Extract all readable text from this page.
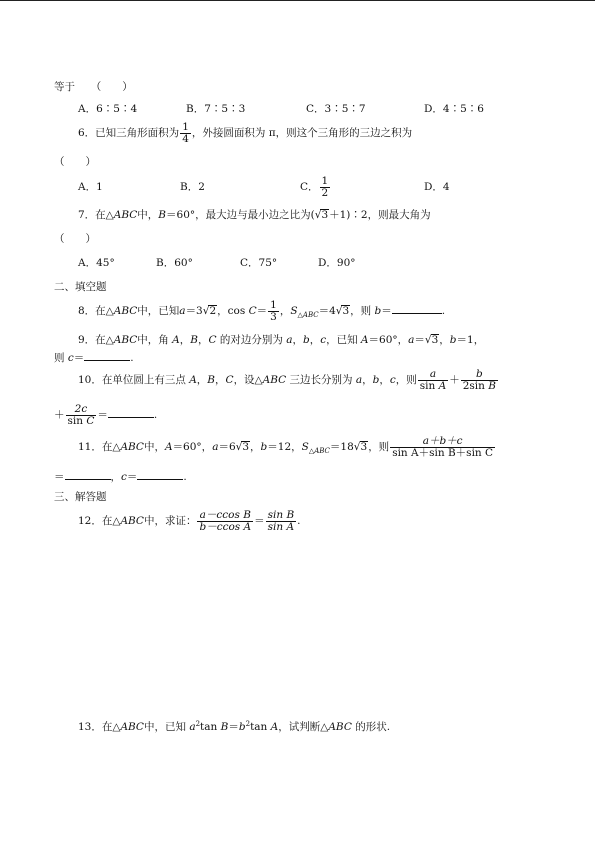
等于　　（　　）
A．6∶5∶4	B．7∶5∶3	C．3∶5∶7	D．4∶5∶6
6．已知三角形面积为 $\frac{1}{4}$ ，外接圆面积为 π，则这个三角形的三边之积为
（　　）
A．1	B．2	C． $\frac{1}{2}$	D．4
7．在△ABC中，B＝60°，最大边与最小边之比为(√3＋1)∶2，则最大角为
（　　）
A．45°	B．60°	C．75°	D．90°
二、填空题
8．在△ABC中，已知a＝3√2，$\cos C= \frac{1}{3}$ ，$S_{\triangle ABC}=4√3$，则 b＝	.
9．在△ABC中，角 A，B，C 的对边分别为 a，b，c，已知 A＝60°，a＝√3，b＝1，
则 c＝	.
10．在单位圆上有三点 A，B，C，设△ABC 三边长分别为 a，b，c，则 $\frac{a}{\text{sin A}} + \frac{b}{\text{2sin B}}$
＋ $\frac{2c}{\text{sin C}}$ ＝	.
11．在△ABC中，A＝60°，a＝6√3，b＝12，$S_{\triangle ABC}=18√3$，则 $\frac{a+b+c}{\text{sin A＋sin B＋sin C}}$
＝	，c＝	.
三、解答题
12．在△ABC中，求证： $\frac{\text{a－ccos B}}{\text{b－ccos A}} = \frac{\text{sin B}}{\text{sin A}}$ .
13．在△ABC中，已知 $a^2\tan$ $B=b^2\tan$ A，试判断△ABC 的形状.
